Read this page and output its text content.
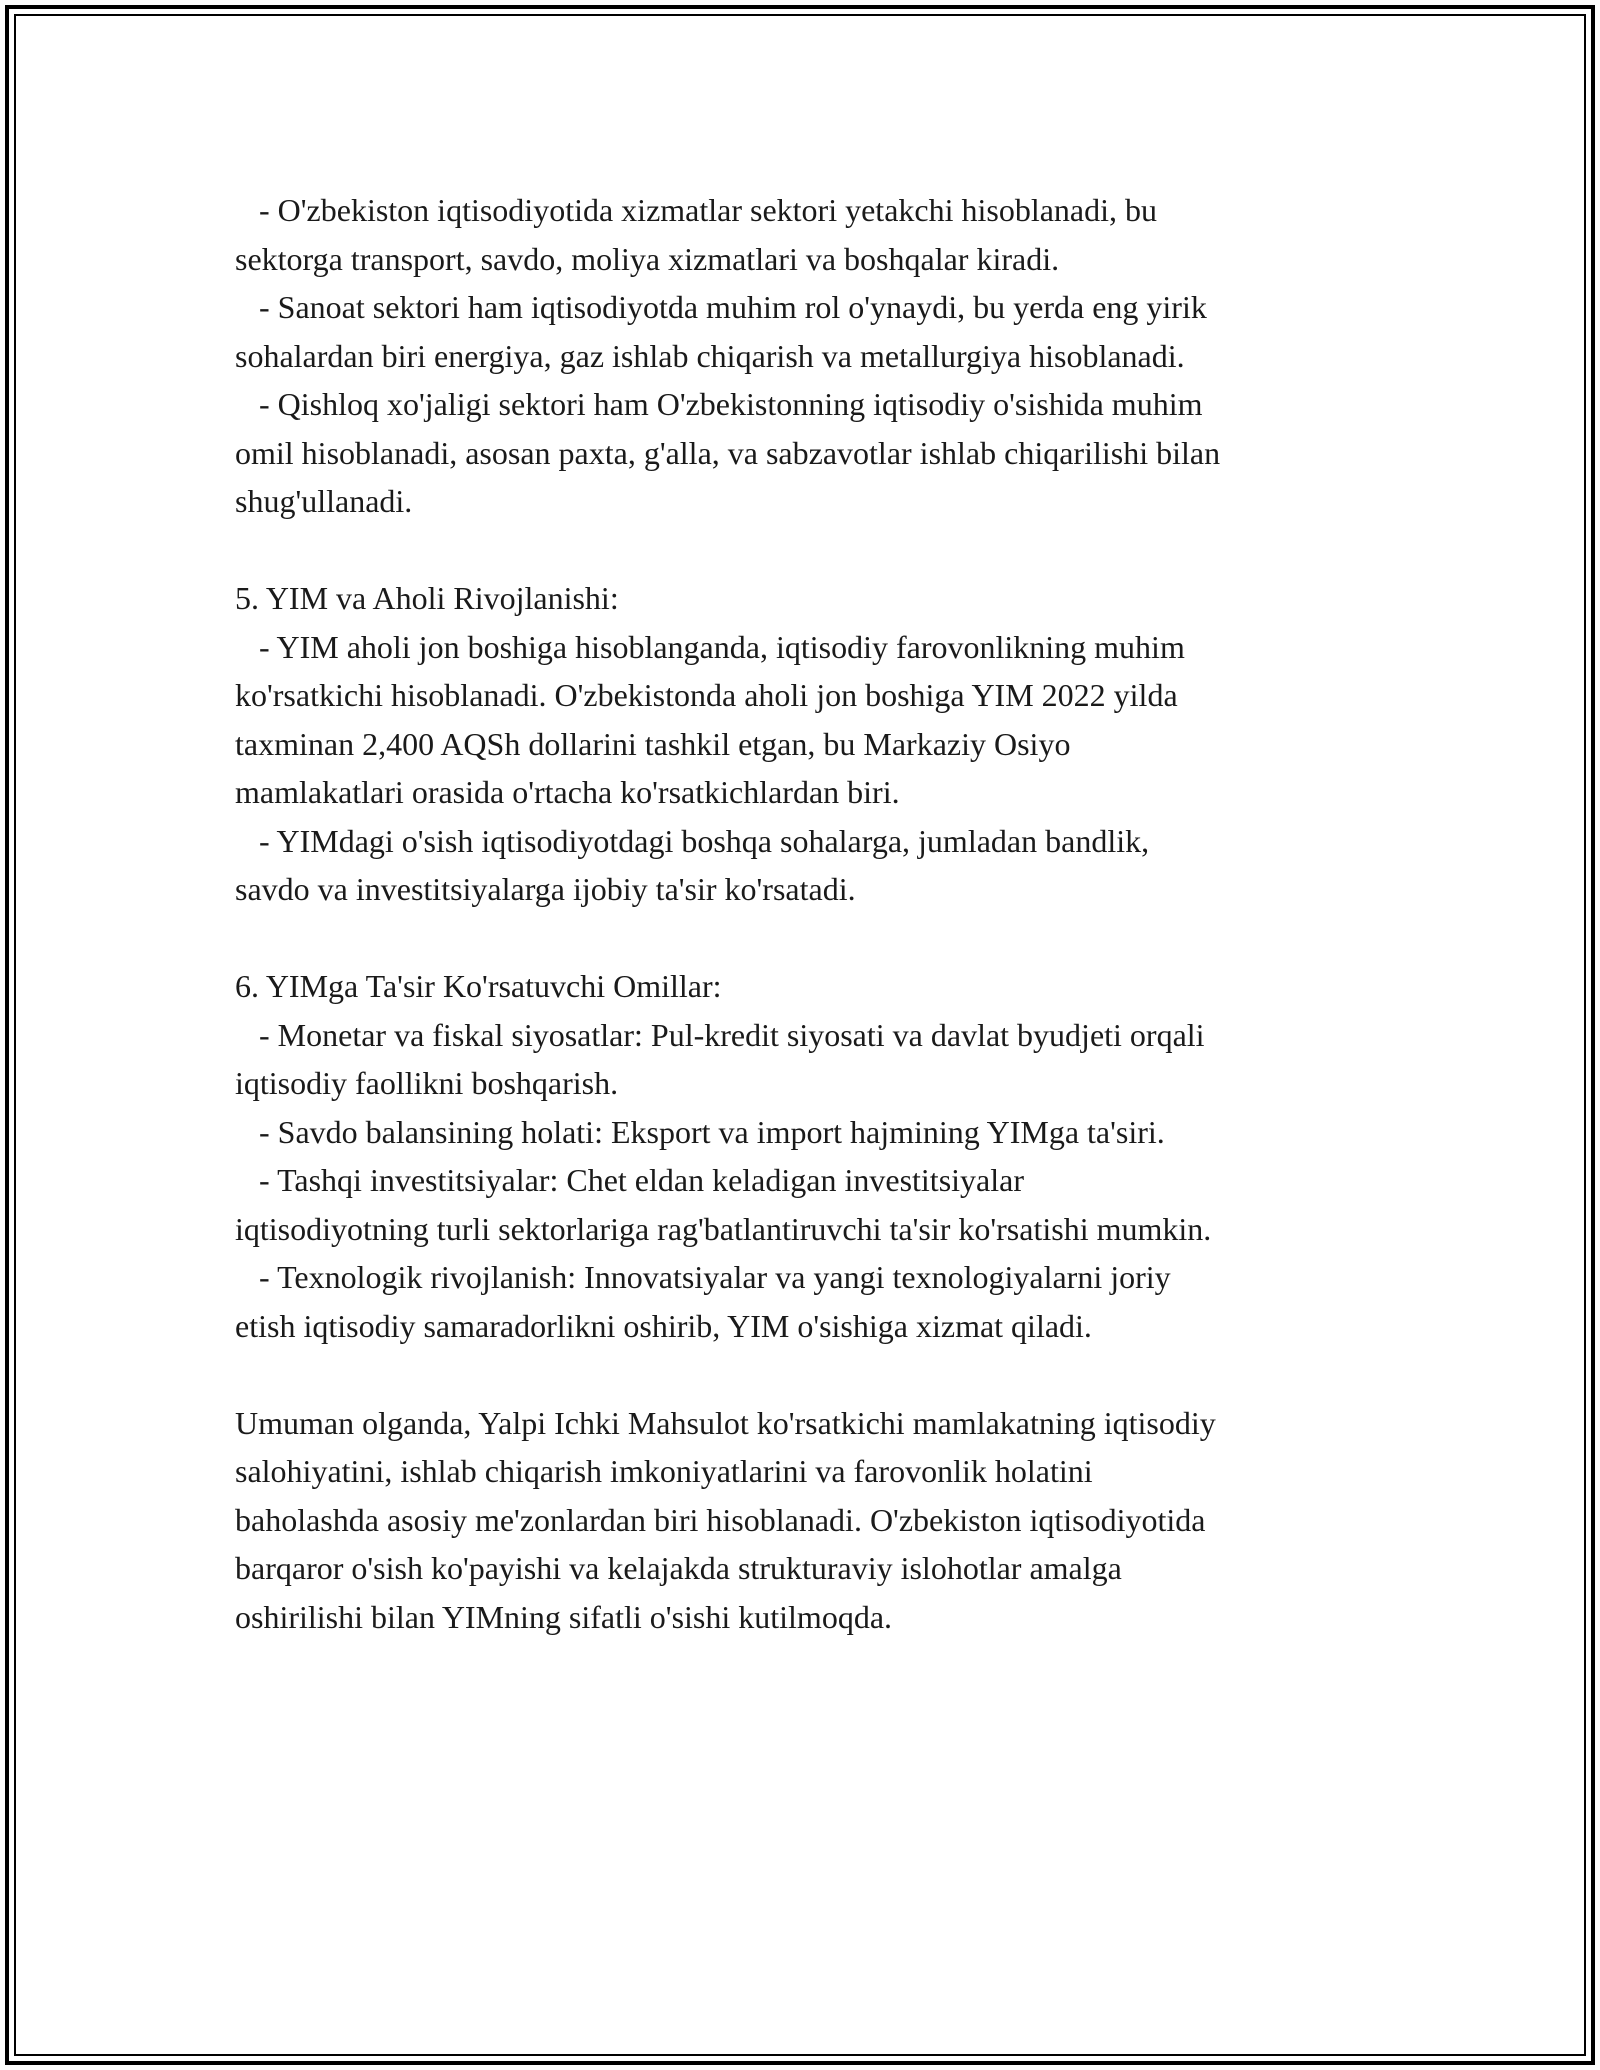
- O'zbekiston iqtisodiyotida xizmatlar sektori yetakchi hisoblanadi, bu
sektorga transport, savdo, moliya xizmatlari va boshqalar kiradi.
- Sanoat sektori ham iqtisodiyotda muhim rol o'ynaydi, bu yerda eng yirik
sohalardan biri energiya, gaz ishlab chiqarish va metallurgiya hisoblanadi.
- Qishloq xo'jaligi sektori ham O'zbekistonning iqtisodiy o'sishida muhim
omil hisoblanadi, asosan paxta, g'alla, va sabzavotlar ishlab chiqarilishi bilan
shug'ullanadi.
5. YIM va Aholi Rivojlanishi:
- YIM aholi jon boshiga hisoblanganda, iqtisodiy farovonlikning muhim
ko'rsatkichi hisoblanadi. O'zbekistonda aholi jon boshiga YIM 2022 yilda
taxminan 2,400 AQSh dollarini tashkil etgan, bu Markaziy Osiyo
mamlakatlari orasida o'rtacha ko'rsatkichlardan biri.
- YIMdagi o'sish iqtisodiyotdagi boshqa sohalarga, jumladan bandlik,
savdo va investitsiyalarga ijobiy ta'sir ko'rsatadi.
6. YIMga Ta'sir Ko'rsatuvchi Omillar:
- Monetar va fiskal siyosatlar: Pul-kredit siyosati va davlat byudjeti orqali
iqtisodiy faollikni boshqarish.
- Savdo balansining holati: Eksport va import hajmining YIMga ta'siri.
- Tashqi investitsiyalar: Chet eldan keladigan investitsiyalar
iqtisodiyotning turli sektorlariga rag'batlantiruvchi ta'sir ko'rsatishi mumkin.
- Texnologik rivojlanish: Innovatsiyalar va yangi texnologiyalarni joriy
etish iqtisodiy samaradorlikni oshirib, YIM o'sishiga xizmat qiladi.
Umuman olganda, Yalpi Ichki Mahsulot ko'rsatkichi mamlakatning iqtisodiy
salohiyatini, ishlab chiqarish imkoniyatlarini va farovonlik holatini
baholashda asosiy me'zonlardan biri hisoblanadi. O'zbekiston iqtisodiyotida
barqaror o'sish ko'payishi va kelajakda strukturaviy islohotlar amalga
oshirilishi bilan YIMning sifatli o'sishi kutilmoqda.
